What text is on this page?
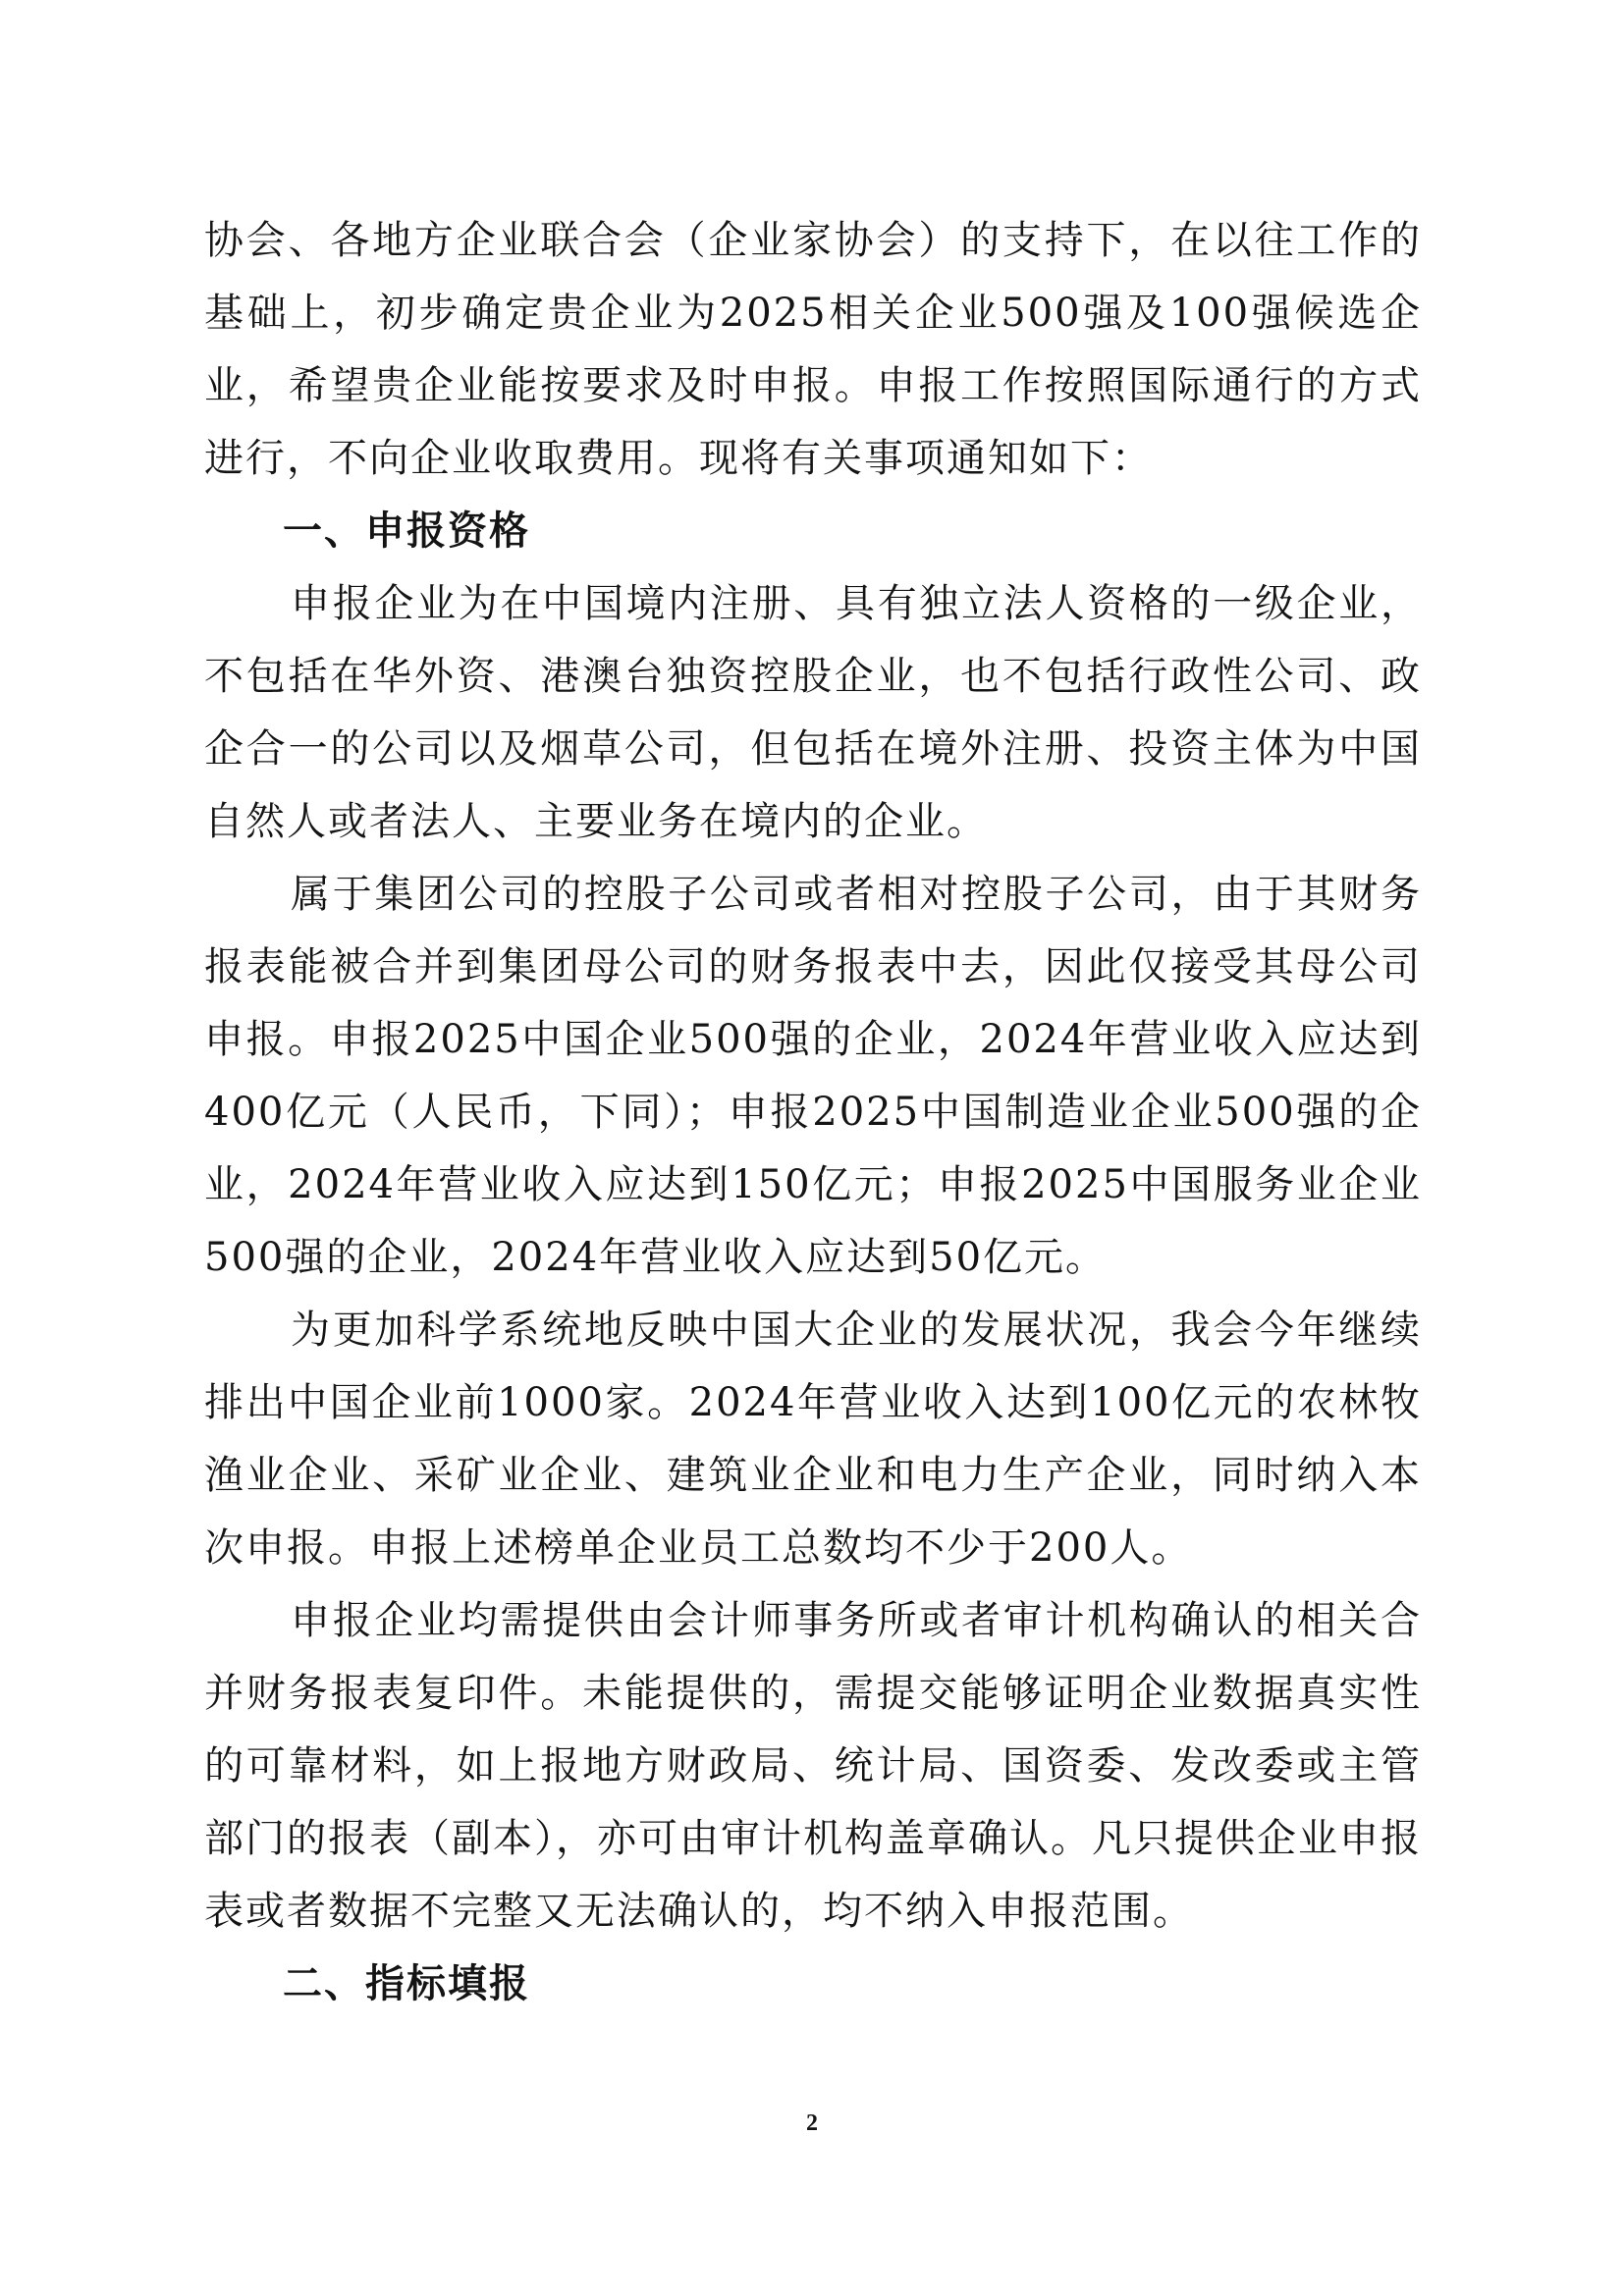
协会、各地方企业联合会（企业家协会）的支持下，在以往工作的基础上，初步确定贵企业为2025相关企业500强及100强候选企业，希望贵企业能按要求及时申报。申报工作按照国际通行的方式进行，不向企业收取费用。现将有关事项通知如下：

一、申报资格

申报企业为在中国境内注册、具有独立法人资格的一级企业，不包括在华外资、港澳台独资控股企业，也不包括行政性公司、政企合一的公司以及烟草公司，但包括在境外注册、投资主体为中国自然人或者法人、主要业务在境内的企业。

属于集团公司的控股子公司或者相对控股子公司，由于其财务报表能被合并到集团母公司的财务报表中去，因此仅接受其母公司申报。申报2025中国企业500强的企业，2024年营业收入应达到400亿元（人民币，下同）；申报2025中国制造业企业500强的企业，2024年营业收入应达到150亿元；申报2025中国服务业企业500强的企业，2024年营业收入应达到50亿元。

为更加科学系统地反映中国大企业的发展状况，我会今年继续排出中国企业前1000家。2024年营业收入达到100亿元的农林牧渔业企业、采矿业企业、建筑业企业和电力生产企业，同时纳入本次申报。申报上述榜单企业员工总数均不少于200人。

申报企业均需提供由会计师事务所或者审计机构确认的相关合并财务报表复印件。未能提供的，需提交能够证明企业数据真实性的可靠材料，如上报地方财政局、统计局、国资委、发改委或主管部门的报表（副本），亦可由审计机构盖章确认。凡只提供企业申报表或者数据不完整又无法确认的，均不纳入申报范围。

二、指标填报
2
